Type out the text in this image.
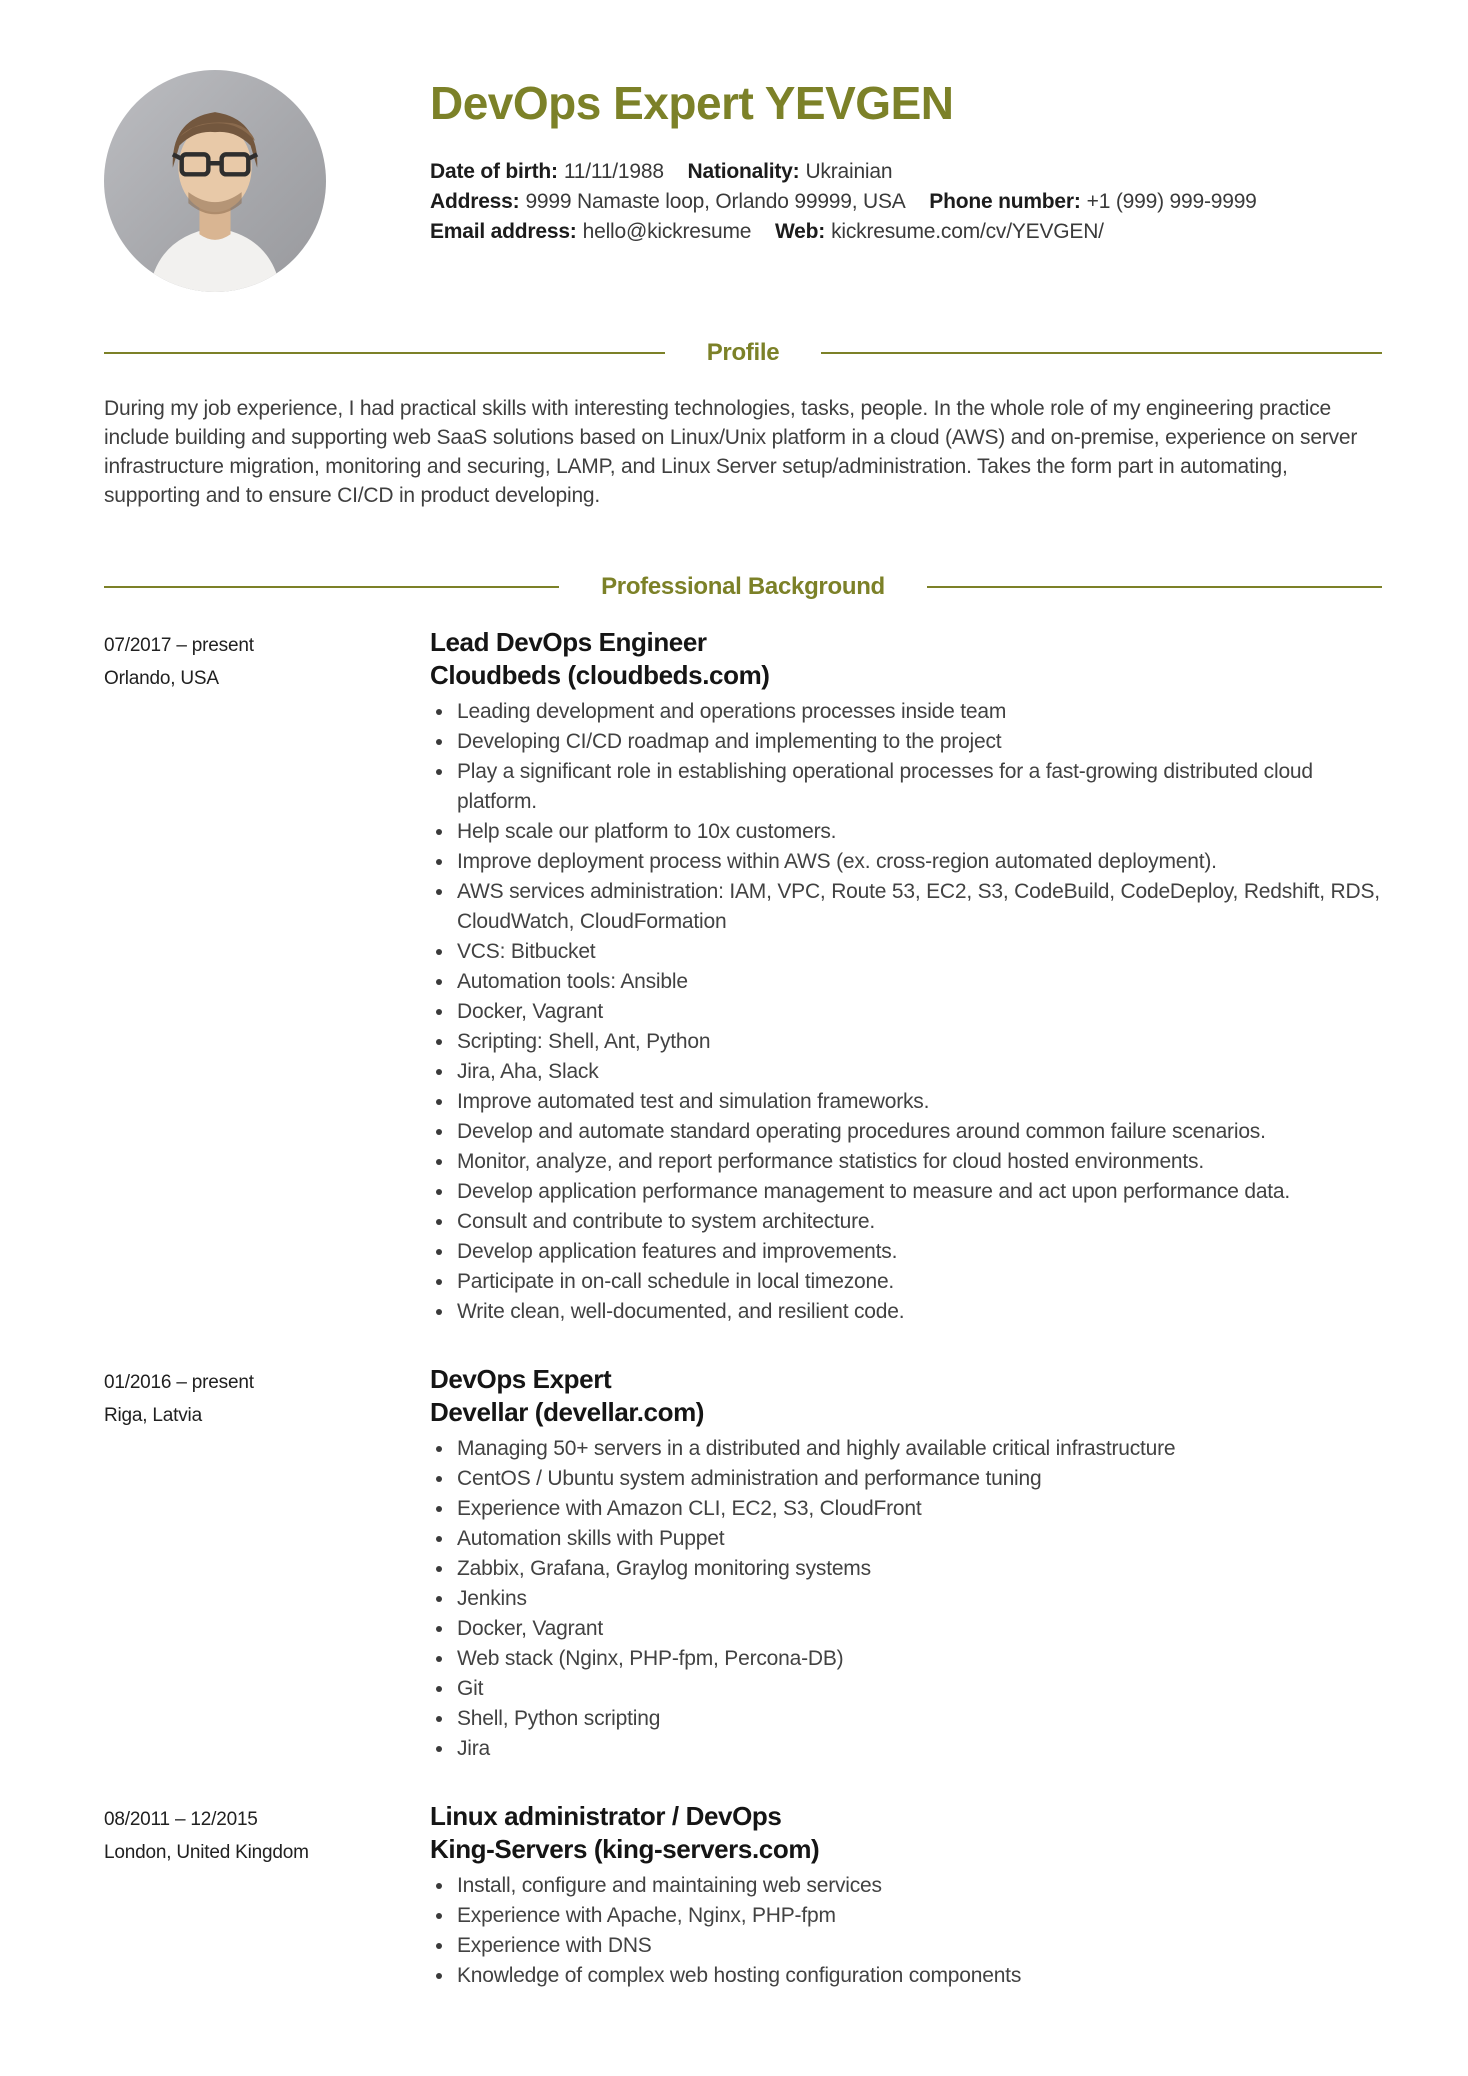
DevOps Expert YEVGEN
Date of birth: 11/11/1988 Nationality: Ukrainian
Address: 9999 Namaste loop, Orlando 99999, USA Phone number: +1 (999) 999-9999
Email address: hello@kickresume Web: kickresume.com/cv/YEVGEN/
Profile

During my job experience, I had practical skills with interesting technologies, tasks, people. In the whole role of my engineering practice include building and supporting web SaaS solutions based on Linux/Unix platform in a cloud (AWS) and on-premise, experience on server infrastructure migration, monitoring and securing, LAMP, and Linux Server setup/administration. Takes the form part in automating, supporting and to ensure CI/CD in product developing.

Professional Background
07/2017 – present
Orlando, USA
Lead DevOps Engineer
Cloudbeds (cloudbeds.com)
Leading development and operations processes inside team
Developing CI/CD roadmap and implementing to the project
Play a significant role in establishing operational processes for a fast-growing distributed cloud platform.
Help scale our platform to 10x customers.
Improve deployment process within AWS (ex. cross-region automated deployment).
AWS services administration: IAM, VPC, Route 53, EC2, S3, CodeBuild, CodeDeploy, Redshift, RDS, CloudWatch, CloudFormation
VCS: Bitbucket
Automation tools: Ansible
Docker, Vagrant
Scripting: Shell, Ant, Python
Jira, Aha, Slack
Improve automated test and simulation frameworks.
Develop and automate standard operating procedures around common failure scenarios.
Monitor, analyze, and report performance statistics for cloud hosted environments.
Develop application performance management to measure and act upon performance data.
Consult and contribute to system architecture.
Develop application features and improvements.
Participate in on-call schedule in local timezone.
Write clean, well-documented, and resilient code.
01/2016 – present
Riga, Latvia
DevOps Expert
Devellar (devellar.com)
Managing 50+ servers in a distributed and highly available critical infrastructure
CentOS / Ubuntu system administration and performance tuning
Experience with Amazon CLI, EC2, S3, CloudFront
Automation skills with Puppet
Zabbix, Grafana, Graylog monitoring systems
Jenkins
Docker, Vagrant
Web stack (Nginx, PHP-fpm, Percona-DB)
Git
Shell, Python scripting
Jira
08/2011 – 12/2015
London, United Kingdom
Linux administrator / DevOps
King-Servers (king-servers.com)
Install, configure and maintaining web services
Experience with Apache, Nginx, PHP-fpm
Experience with DNS
Knowledge of complex web hosting configuration components
